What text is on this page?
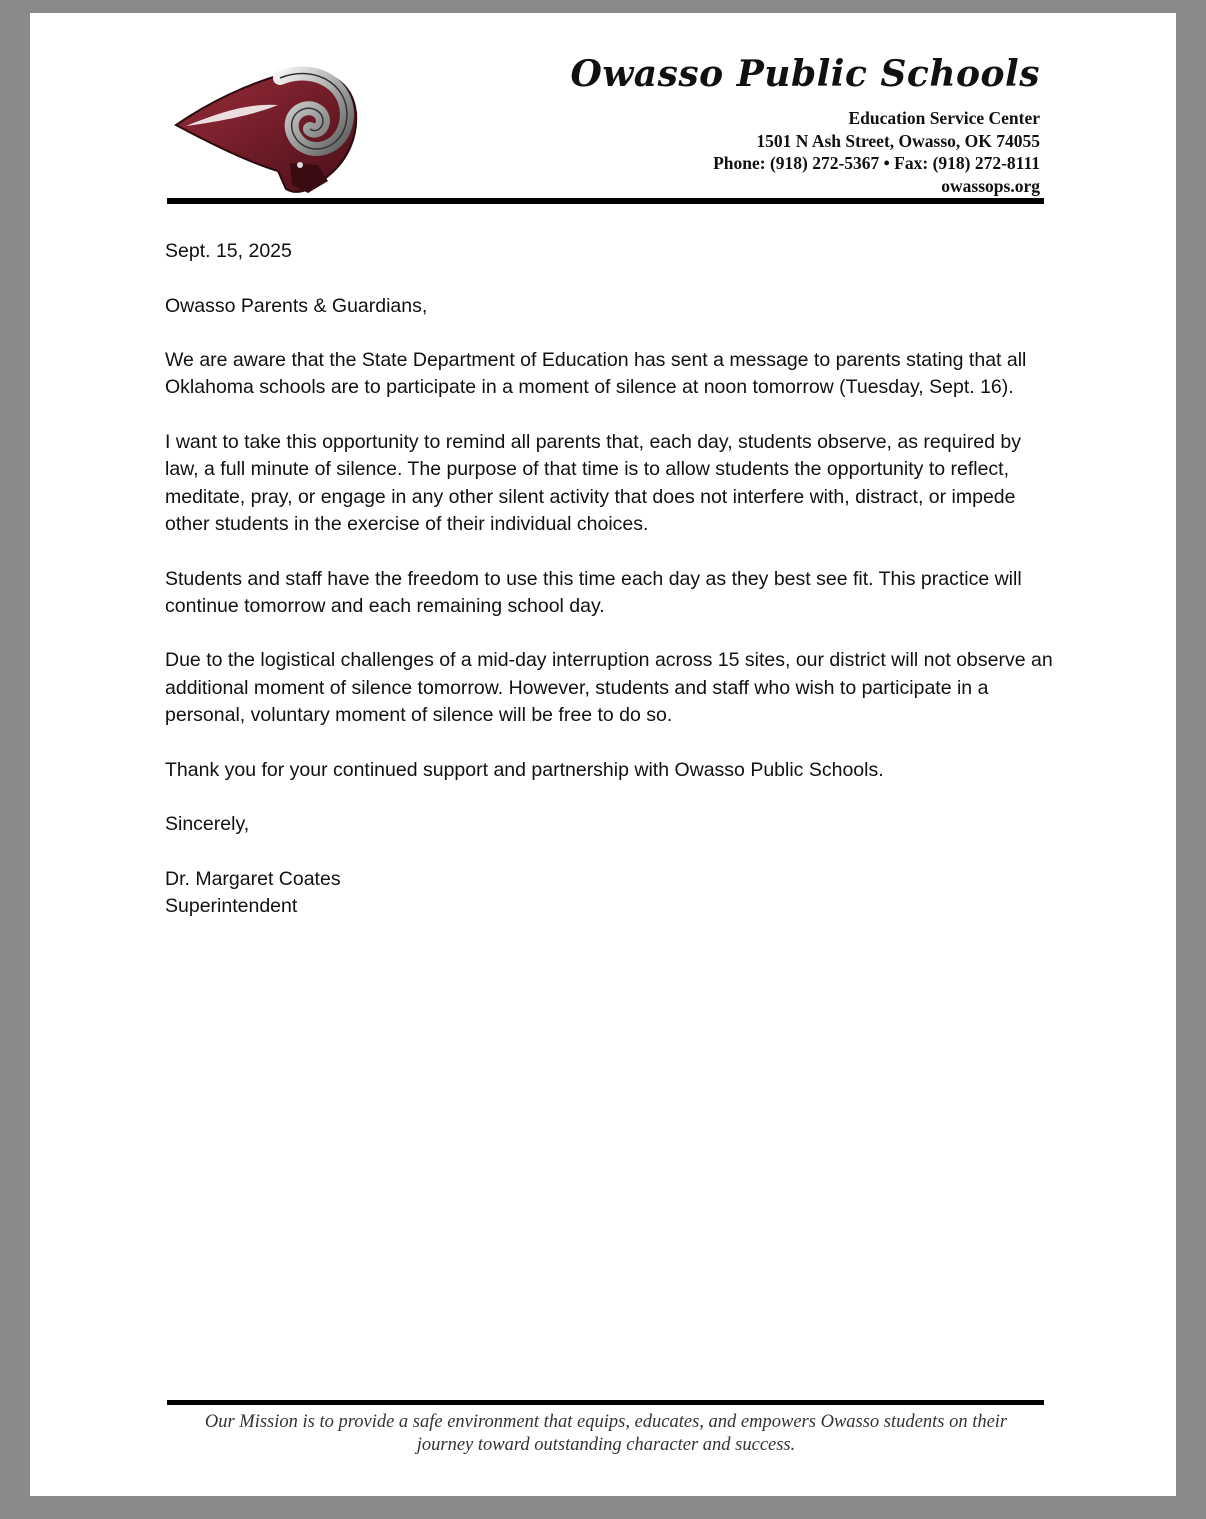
Owasso Public Schools
Education Service Center
1501 N Ash Street, Owasso, OK 74055
Phone: (918) 272-5367 • Fax: (918) 272-8111
owassops.org

Sept. 15, 2025

Owasso Parents & Guardians,

We are aware that the State Department of Education has sent a message to parents stating that all Oklahoma schools are to participate in a moment of silence at noon tomorrow (Tuesday, Sept. 16).

I want to take this opportunity to remind all parents that, each day, students observe, as required by law, a full minute of silence. The purpose of that time is to allow students the opportunity to reflect, meditate, pray, or engage in any other silent activity that does not interfere with, distract, or impede other students in the exercise of their individual choices.

Students and staff have the freedom to use this time each day as they best see fit. This practice will continue tomorrow and each remaining school day.

Due to the logistical challenges of a mid-day interruption across 15 sites, our district will not observe an additional moment of silence tomorrow. However, students and staff who wish to participate in a personal, voluntary moment of silence will be free to do so.

Thank you for your continued support and partnership with Owasso Public Schools.

Sincerely,

Dr. Margaret Coates
Superintendent
Our Mission is to provide a safe environment that equips, educates, and empowers Owasso students on their journey toward outstanding character and success.
